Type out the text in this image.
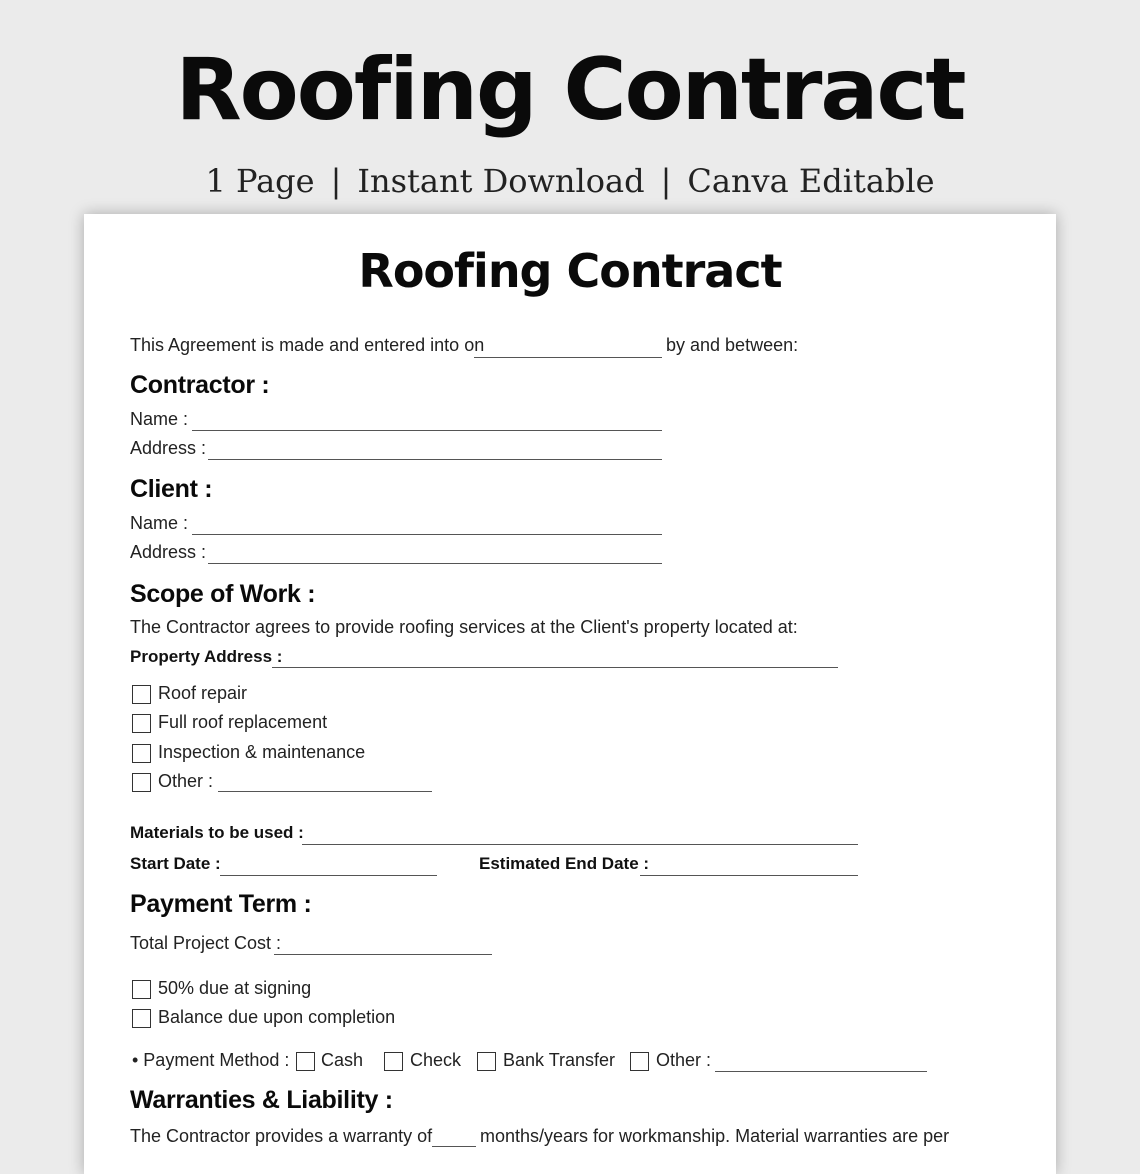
Roofing Contract
1 Page | Instant Download | Canva Editable
Roofing Contract
This Agreement is made and entered into on	by and between:
Contractor :
Name :
Address :
Client :
Name :
Address :
Scope of Work :
The Contractor agrees to provide roofing services at the Client's property located at:
Property Address :
Roof repair
Full roof replacement
Inspection & maintenance
Other :
Materials to be used :
Start Date :	Estimated End Date :
Payment Term :
Total Project Cost :
50% due at signing
Balance due upon completion
• Payment Method : Cash	Check Bank Transfer Other :
Warranties & Liability :
The Contractor provides a warranty of	months/years for workmanship. Material warranties are per
